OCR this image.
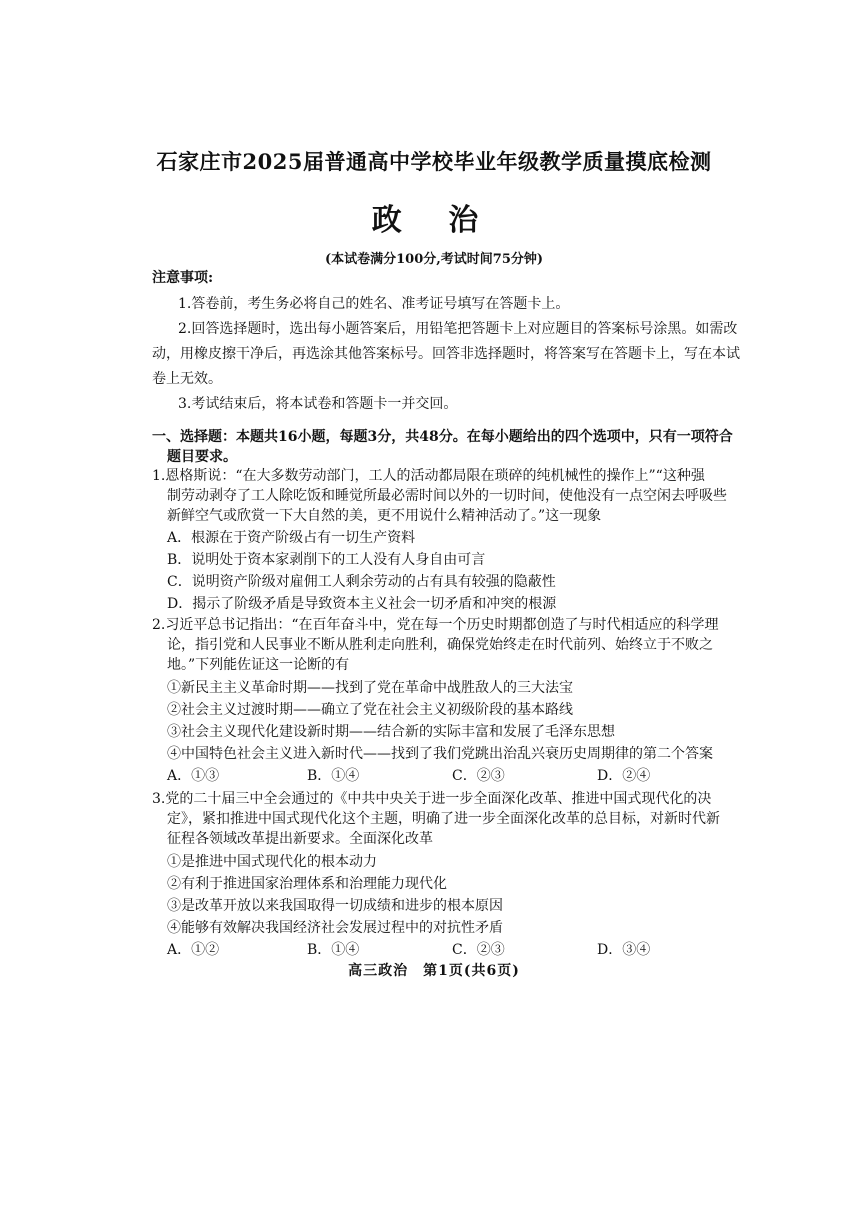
石家庄市2025届普通高中学校毕业年级教学质量摸底检测
政 治
(本试卷满分100分,考试时间75分钟)
注意事项:
1.答卷前，考生务必将自己的姓名、准考证号填写在答题卡上。
2.回答选择题时，选出每小题答案后，用铅笔把答题卡上对应题目的答案标号涂黑。如需改
动，用橡皮擦干净后，再选涂其他答案标号。回答非选择题时，将答案写在答题卡上，写在本试
卷上无效。
3.考试结束后，将本试卷和答题卡一并交回。
一、选择题：本题共16小题，每题3分，共48分。在每小题给出的四个选项中，只有一项符合
题目要求。
1.恩格斯说：“在大多数劳动部门，工人的活动都局限在琐碎的纯机械性的操作上”“这种强
制劳动剥夺了工人除吃饭和睡觉所最必需时间以外的一切时间，使他没有一点空闲去呼吸些
新鲜空气或欣赏一下大自然的美，更不用说什么精神活动了。”这一现象
A．根源在于资产阶级占有一切生产资料
B．说明处于资本家剥削下的工人没有人身自由可言
C．说明资产阶级对雇佣工人剩余劳动的占有具有较强的隐蔽性
D．揭示了阶级矛盾是导致资本主义社会一切矛盾和冲突的根源
2.习近平总书记指出：“在百年奋斗中，党在每一个历史时期都创造了与时代相适应的科学理
论，指引党和人民事业不断从胜利走向胜利，确保党始终走在时代前列、始终立于不败之
地。”下列能佐证这一论断的有
①新民主主义革命时期——找到了党在革命中战胜敌人的三大法宝
②社会主义过渡时期——确立了党在社会主义初级阶段的基本路线
③社会主义现代化建设新时期——结合新的实际丰富和发展了毛泽东思想
④中国特色社会主义进入新时代——找到了我们党跳出治乱兴衰历史周期律的第二个答案
A．①③	B．①④	C．②③	D．②④
3.党的二十届三中全会通过的《中共中央关于进一步全面深化改革、推进中国式现代化的决
定》，紧扣推进中国式现代化这个主题，明确了进一步全面深化改革的总目标，对新时代新
征程各领域改革提出新要求。全面深化改革
①是推进中国式现代化的根本动力
②有利于推进国家治理体系和治理能力现代化
③是改革开放以来我国取得一切成绩和进步的根本原因
④能够有效解决我国经济社会发展过程中的对抗性矛盾
A．①②	B．①④	C．②③	D．③④
高三政治　第1页(共6页)
